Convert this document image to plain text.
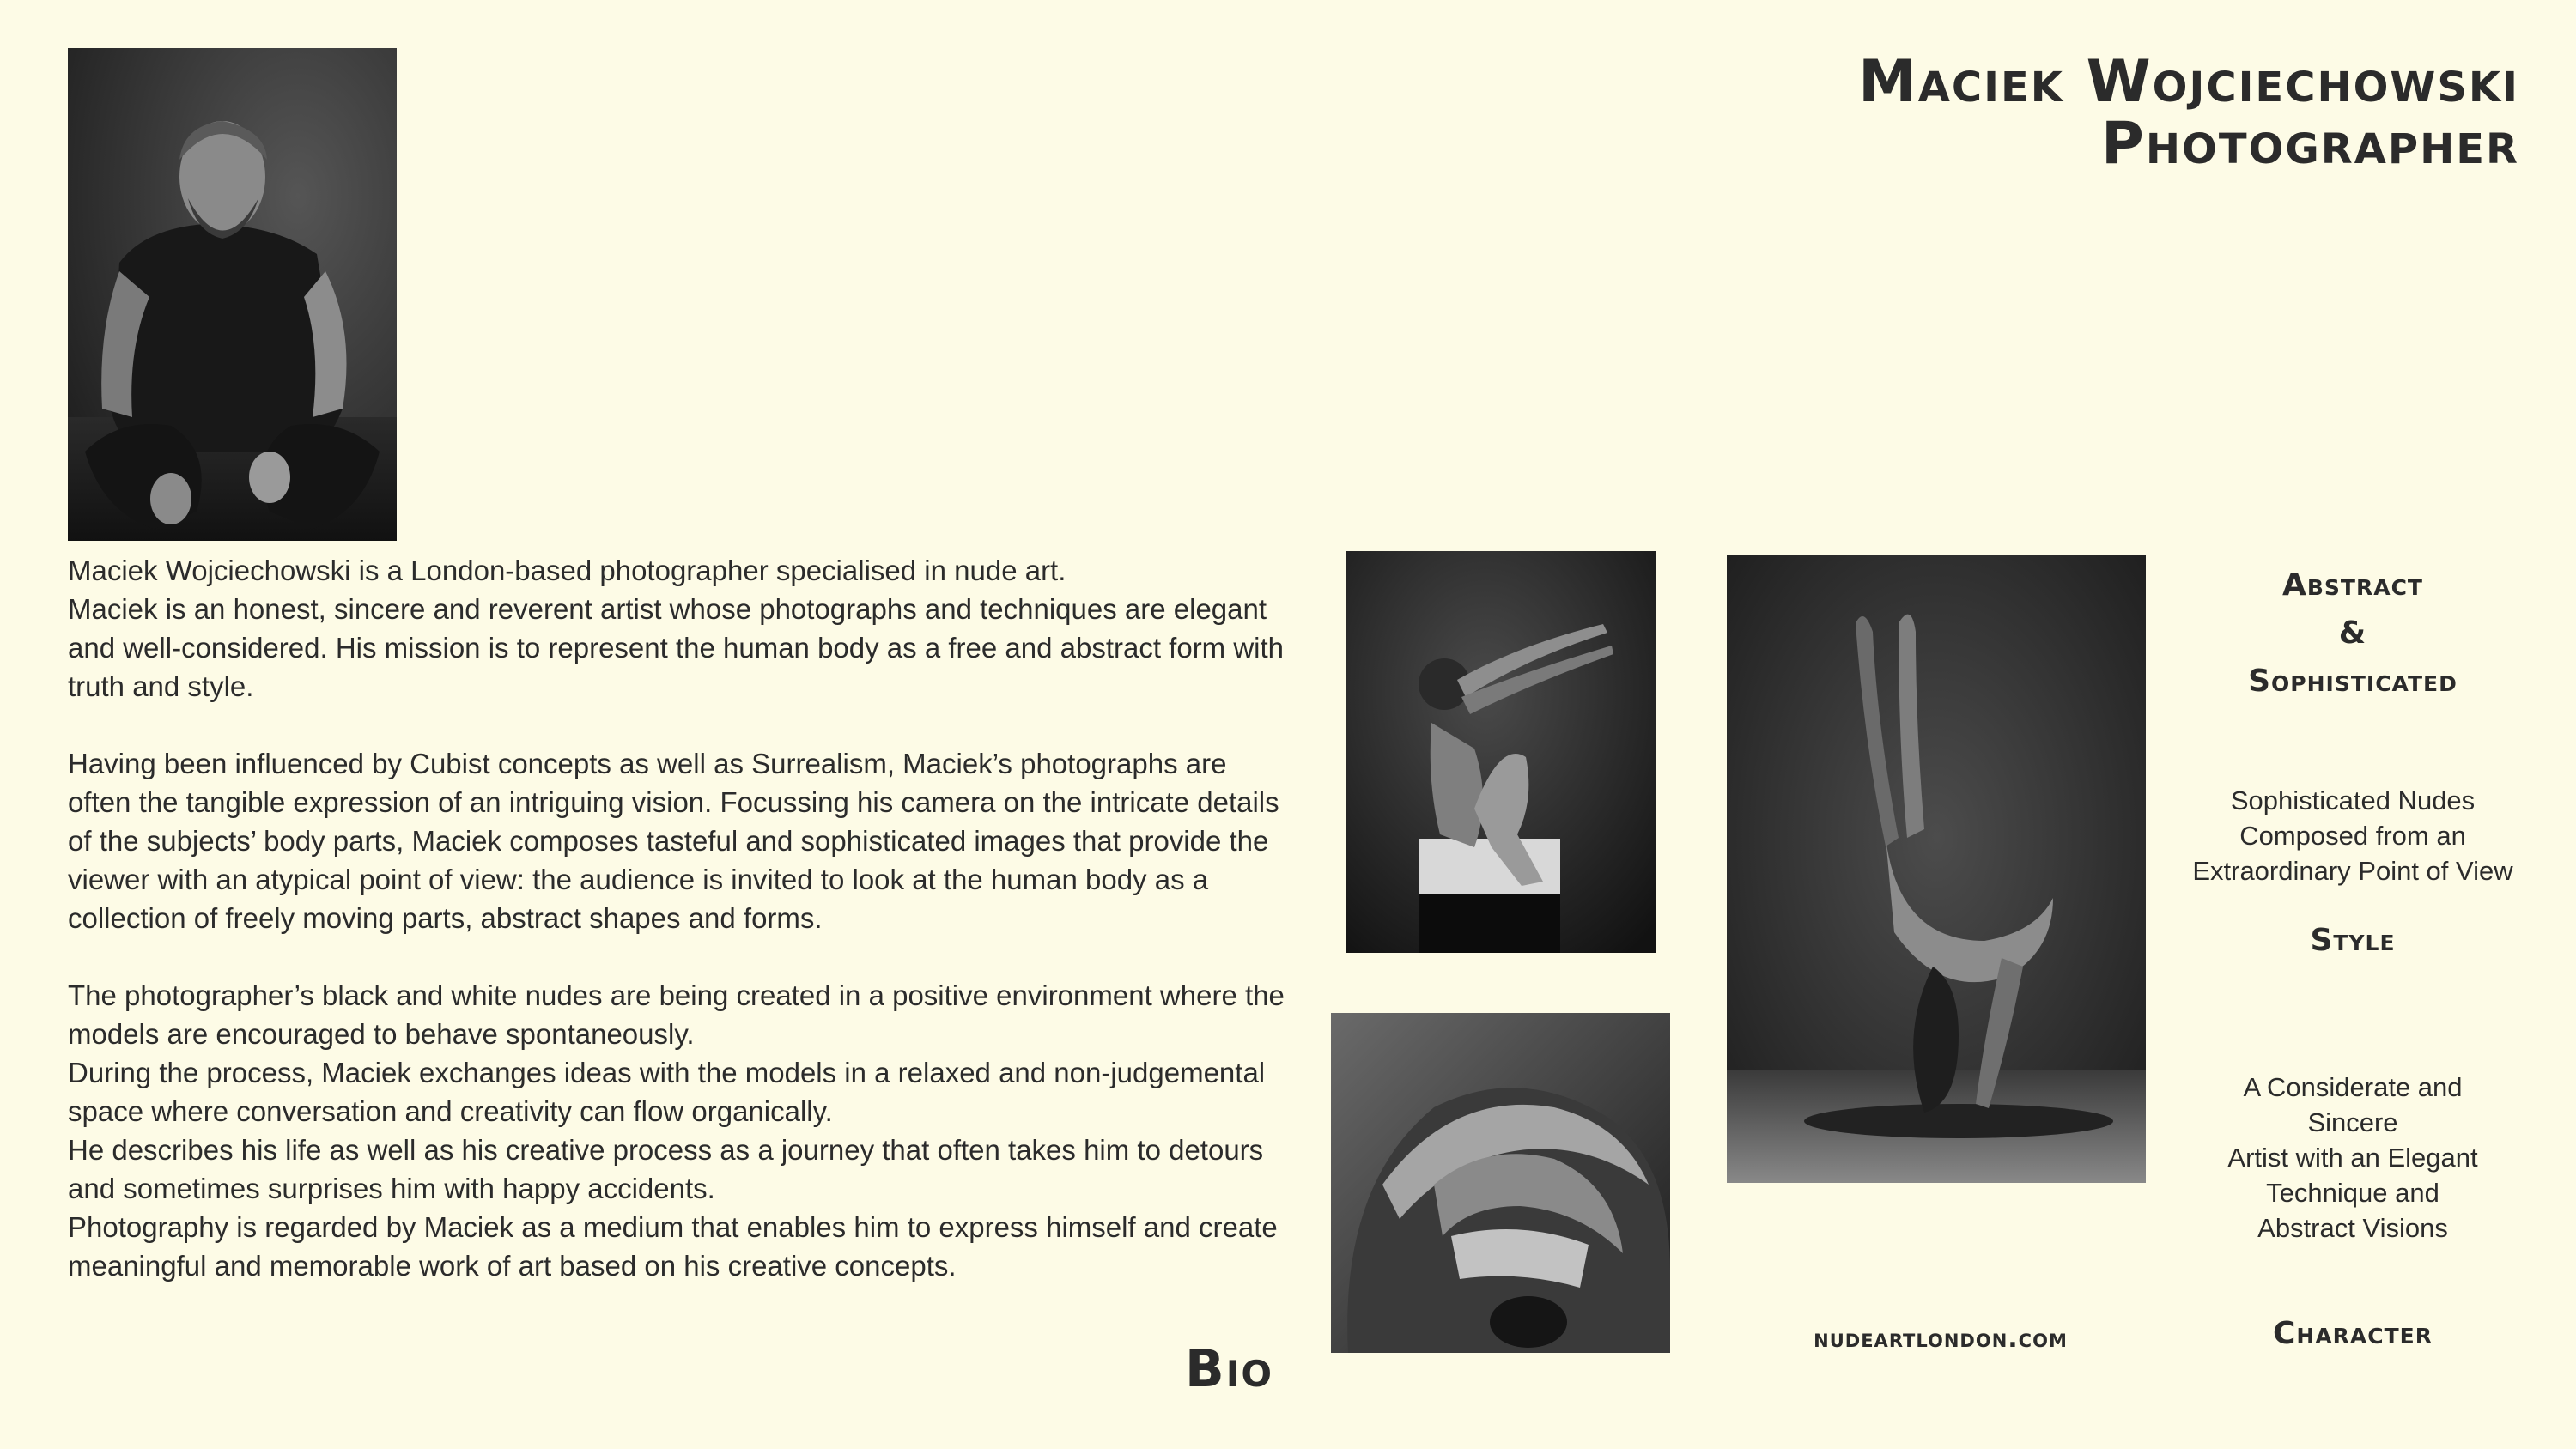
Maciek Wojciechowski
Photographer

Maciek Wojciechowski is a London-based photographer specialised in nude art.

Maciek is an honest, sincere and reverent artist whose photographs and techniques are elegant and well-considered. His mission is to represent the human body as a free and abstract form with truth and style.

Having been influenced by Cubist concepts as well as Surrealism, Maciek’s photographs are often the tangible expression of an intriguing vision. Focussing his camera on the intricate details of the subjects’ body parts, Maciek composes tasteful and sophisticated images that provide the viewer with an atypical point of view: the audience is invited to look at the human body as a collection of freely moving parts, abstract shapes and forms.

The photographer’s black and white nudes are being created in a positive environment where the models are encouraged to behave spontaneously.

During the process, Maciek exchanges ideas with the models in a relaxed and non-judgemental space where conversation and creativity can flow organically.

He describes his life as well as his creative process as a journey that often takes him to detours and sometimes surprises him with happy accidents.

Photography is regarded by Maciek as a medium that enables him to express himself and create meaningful and memorable work of art based on his creative concepts.

Bio
nudeartlondon.com
Abstract
&
Sophisticated
Sophisticated Nudes
Composed from an
Extraordinary Point of View
Style
A Considerate and
Sincere
Artist with an Elegant
Technique and
Abstract Visions
Character
